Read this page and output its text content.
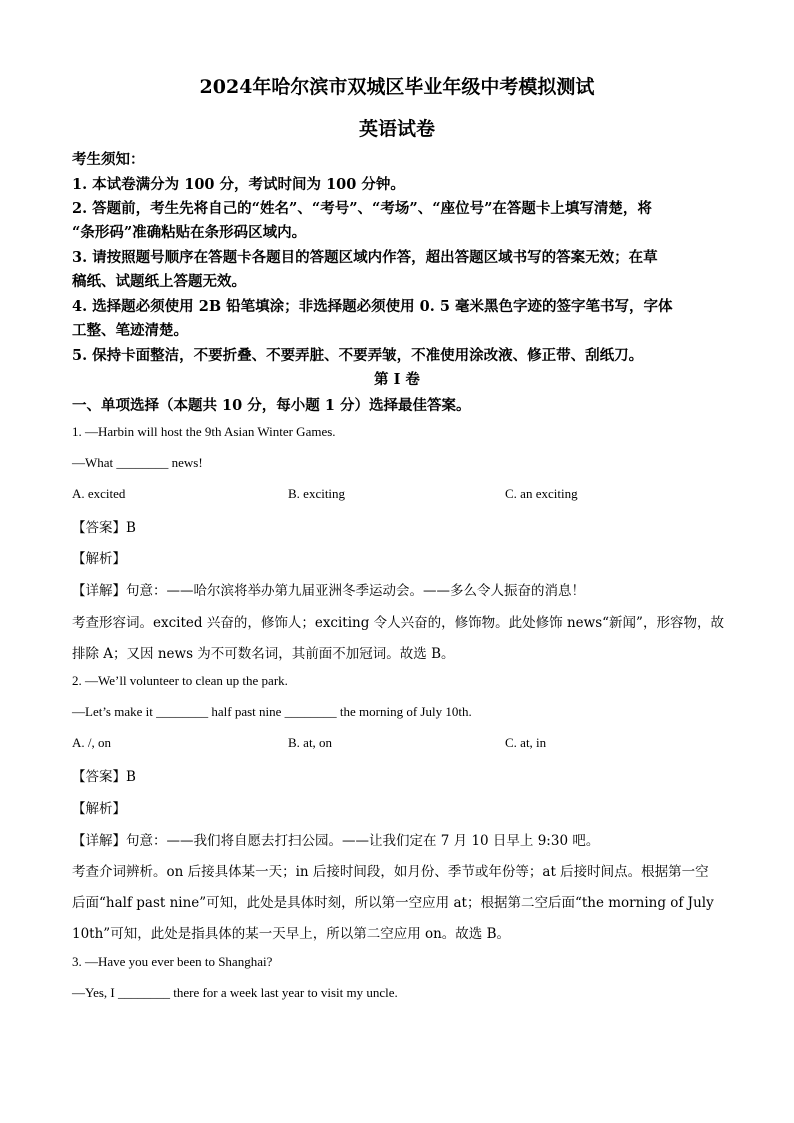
2024年哈尔滨市双城区毕业年级中考模拟测试
英语试卷
考生须知：
1. 本试卷满分为 100 分，考试时间为 100 分钟。
2. 答题前，考生先将自己的“姓名”、“考号”、“考场”、“座位号”在答题卡上填写清楚，将
“条形码”准确粘贴在条形码区域内。
3. 请按照题号顺序在答题卡各题目的答题区域内作答，超出答题区域书写的答案无效；在草
稿纸、试题纸上答题无效。
4. 选择题必须使用 2B 铅笔填涂；非选择题必须使用 0. 5 毫米黑色字迹的签字笔书写，字体
工整、笔迹清楚。
5. 保持卡面整洁，不要折叠、不要弄脏、不要弄皱，不准使用涂改液、修正带、刮纸刀。
第 I 卷
一、单项选择（本题共 10 分，每小题 1 分）选择最佳答案。
1. —Harbin will host the 9th Asian Winter Games.
—What ________ news!
A. excited	B. exciting	C. an exciting
【答案】B
【解析】
【详解】句意：——哈尔滨将举办第九届亚洲冬季运动会。——多么令人振奋的消息！
考查形容词。excited 兴奋的，修饰人；exciting 令人兴奋的，修饰物。此处修饰 news“新闻”，形容物，故
排除 A；又因 news 为不可数名词，其前面不加冠词。故选 B。
2. —We’ll volunteer to clean up the park.
—Let’s make it ________ half past nine ________ the morning of July 10th.
A. /, on	B. at, on	C. at, in
【答案】B
【解析】
【详解】句意：——我们将自愿去打扫公园。——让我们定在 7 月 10 日早上 9:30 吧。
考查介词辨析。on 后接具体某一天；in 后接时间段，如月份、季节或年份等；at 后接时间点。根据第一空
后面“half past nine”可知，此处是具体时刻，所以第一空应用 at；根据第二空后面“the morning of July
10th”可知，此处是指具体的某一天早上，所以第二空应用 on。故选 B。
3. —Have you ever been to Shanghai?
—Yes, I ________ there for a week last year to visit my uncle.
